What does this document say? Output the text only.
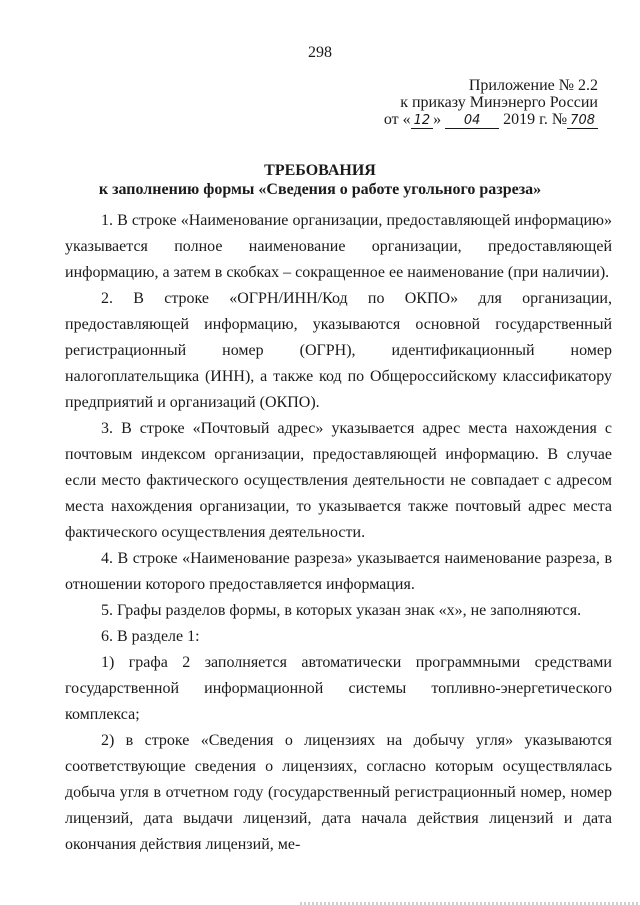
298
Приложение № 2.2
к приказу Минэнерго России
от « 12 » 04 2019 г. № 708
ТРЕБОВАНИЯ
к заполнению формы «Сведения о работе угольного разреза»

1. В строке «Наименование организации, предоставляющей информацию» указывается полное наименование организации, предоставляющей информацию, а затем в скобках – сокращенное ее наименование (при наличии).

2. В строке «ОГРН/ИНН/Код по ОКПО» для организации, предоставляющей информацию, указываются основной государственный регистрационный номер (ОГРН), идентификационный номер налогоплательщика (ИНН), а также код по Общероссийскому классификатору предприятий и организаций (ОКПО).

3. В строке «Почтовый адрес» указывается адрес места нахождения с почтовым индексом организации, предоставляющей информацию. В случае если место фактического осуществления деятельности не совпадает с адресом места нахождения организации, то указывается также почтовый адрес места фактического осуществления деятельности.

4. В строке «Наименование разреза» указывается наименование разреза, в отношении которого предоставляется информация.

5. Графы разделов формы, в которых указан знак «х», не заполняются.

6. В разделе 1:

1) графа 2 заполняется автоматически программными средствами государственной информационной системы топливно-энергетического комплекса;

2) в строке «Сведения о лицензиях на добычу угля» указываются соответствующие сведения о лицензиях, согласно которым осуществлялась добыча угля в отчетном году (государственный регистрационный номер, номер лицензий, дата выдачи лицензий, дата начала действия лицензий и дата окончания действия лицензий, ме-
